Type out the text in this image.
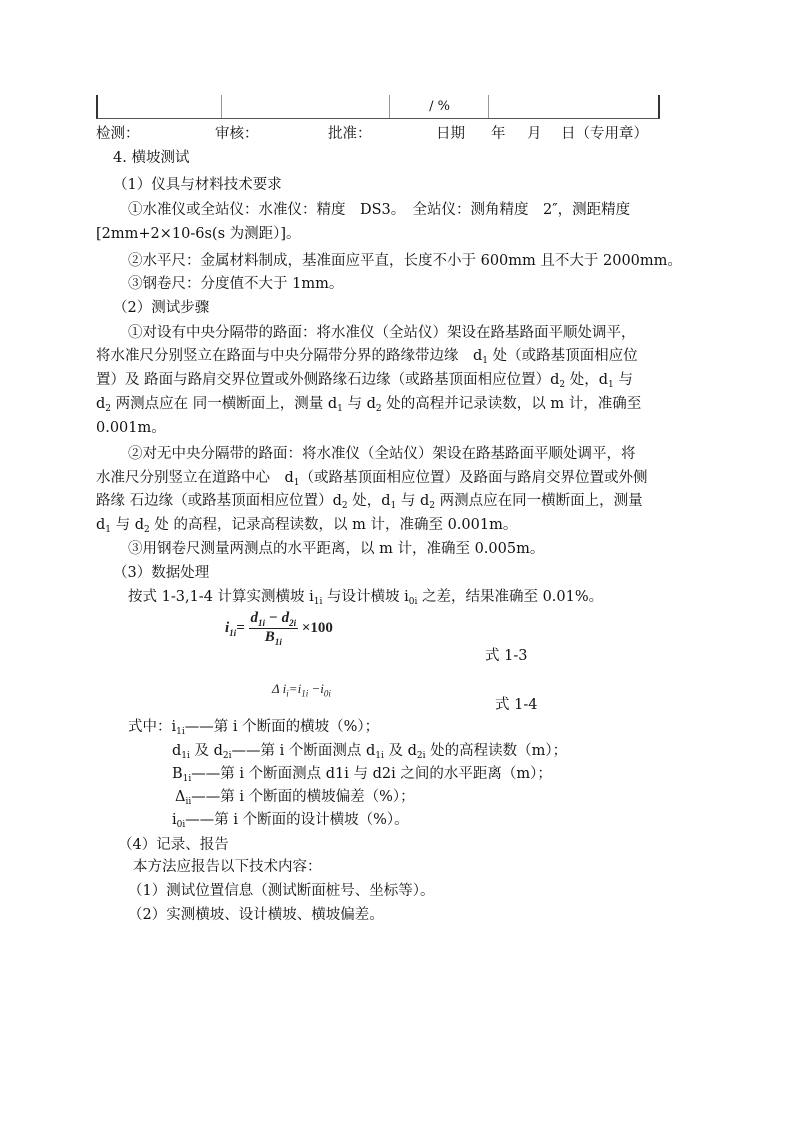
/ %
检测：	审核：	批准：	日期 年 月 日（专用章）
4. 横坡测试
（1）仪具与材料技术要求
①水准仪或全站仪：水准仪：精度　DS3。　全站仪：测角精度　2″，测距精度
[2mm+2×10-6s(s 为测距）]。
②水平尺：金属材料制成，基准面应平直，长度不小于 600mm 且不大于 2000mm。
③钢卷尺：分度值不大于 1mm。
（2）测试步骤
①对设有中央分隔带的路面：将水准仪（全站仪）架设在路基路面平顺处调平，
将水准尺分别竖立在路面与中央分隔带分界的路缘带边缘　$d_1$ 处（或路基顶面相应位
置）及 路面与路肩交界位置或外侧路缘石边缘（或路基顶面相应位置）$d_2$ 处，$d_1$ 与
$d_2$ 两测点应在 同一横断面上，测量 $d_1$ 与 $d_2$ 处的高程并记录读数，以 m 计，准确至
0.001m。
②对无中央分隔带的路面：将水准仪（全站仪）架设在路基路面平顺处调平，将
水准尺分别竖立在道路中心　$d_1$（或路基顶面相应位置）及路面与路肩交界位置或外侧
路缘 石边缘（或路基顶面相应位置）$d_2$ 处，$d_1$ 与 $d_2$ 两测点应在同一横断面上，测量
$d_1$ 与 $d_2$ 处 的高程，记录高程读数，以 m 计，准确至 0.001m。
③用钢卷尺测量两测点的水平距离，以 m 计，准确至 0.005m。
（3）数据处理
按式 1-3,1-4 计算实测横坡 $i_{1i}$ 与设计横坡 $i_{0i}$ 之差，结果准确至 0.01%。
式 1-3
式 1-4
式中：$i_{1i}——$第 i 个断面的横坡（%）；
$d_{1i}$ 及 $d_{2i}——$第 i 个断面测点 $d_{1i}$ 及 $d_{2i}$ 处的高程读数（m）；
$B_{1i}——$第 i 个断面测点 d1i 与 d2i 之间的水平距离（m）；
$\Delta_{ii}——$第 i 个断面的横坡偏差（%）；
$i_{0i}——$第 i 个断面的设计横坡（%）。
（4）记录、报告
本方法应报告以下技术内容：
（1）测试位置信息（测试断面桩号、坐标等）。
（2）实测横坡、设计横坡、横坡偏差。
$i_{1i}= \frac{d_{1i} - d_{2i}}{B_{1i}} \times 100$
Δ $i_i=i_{1i} -i_{0i}$
